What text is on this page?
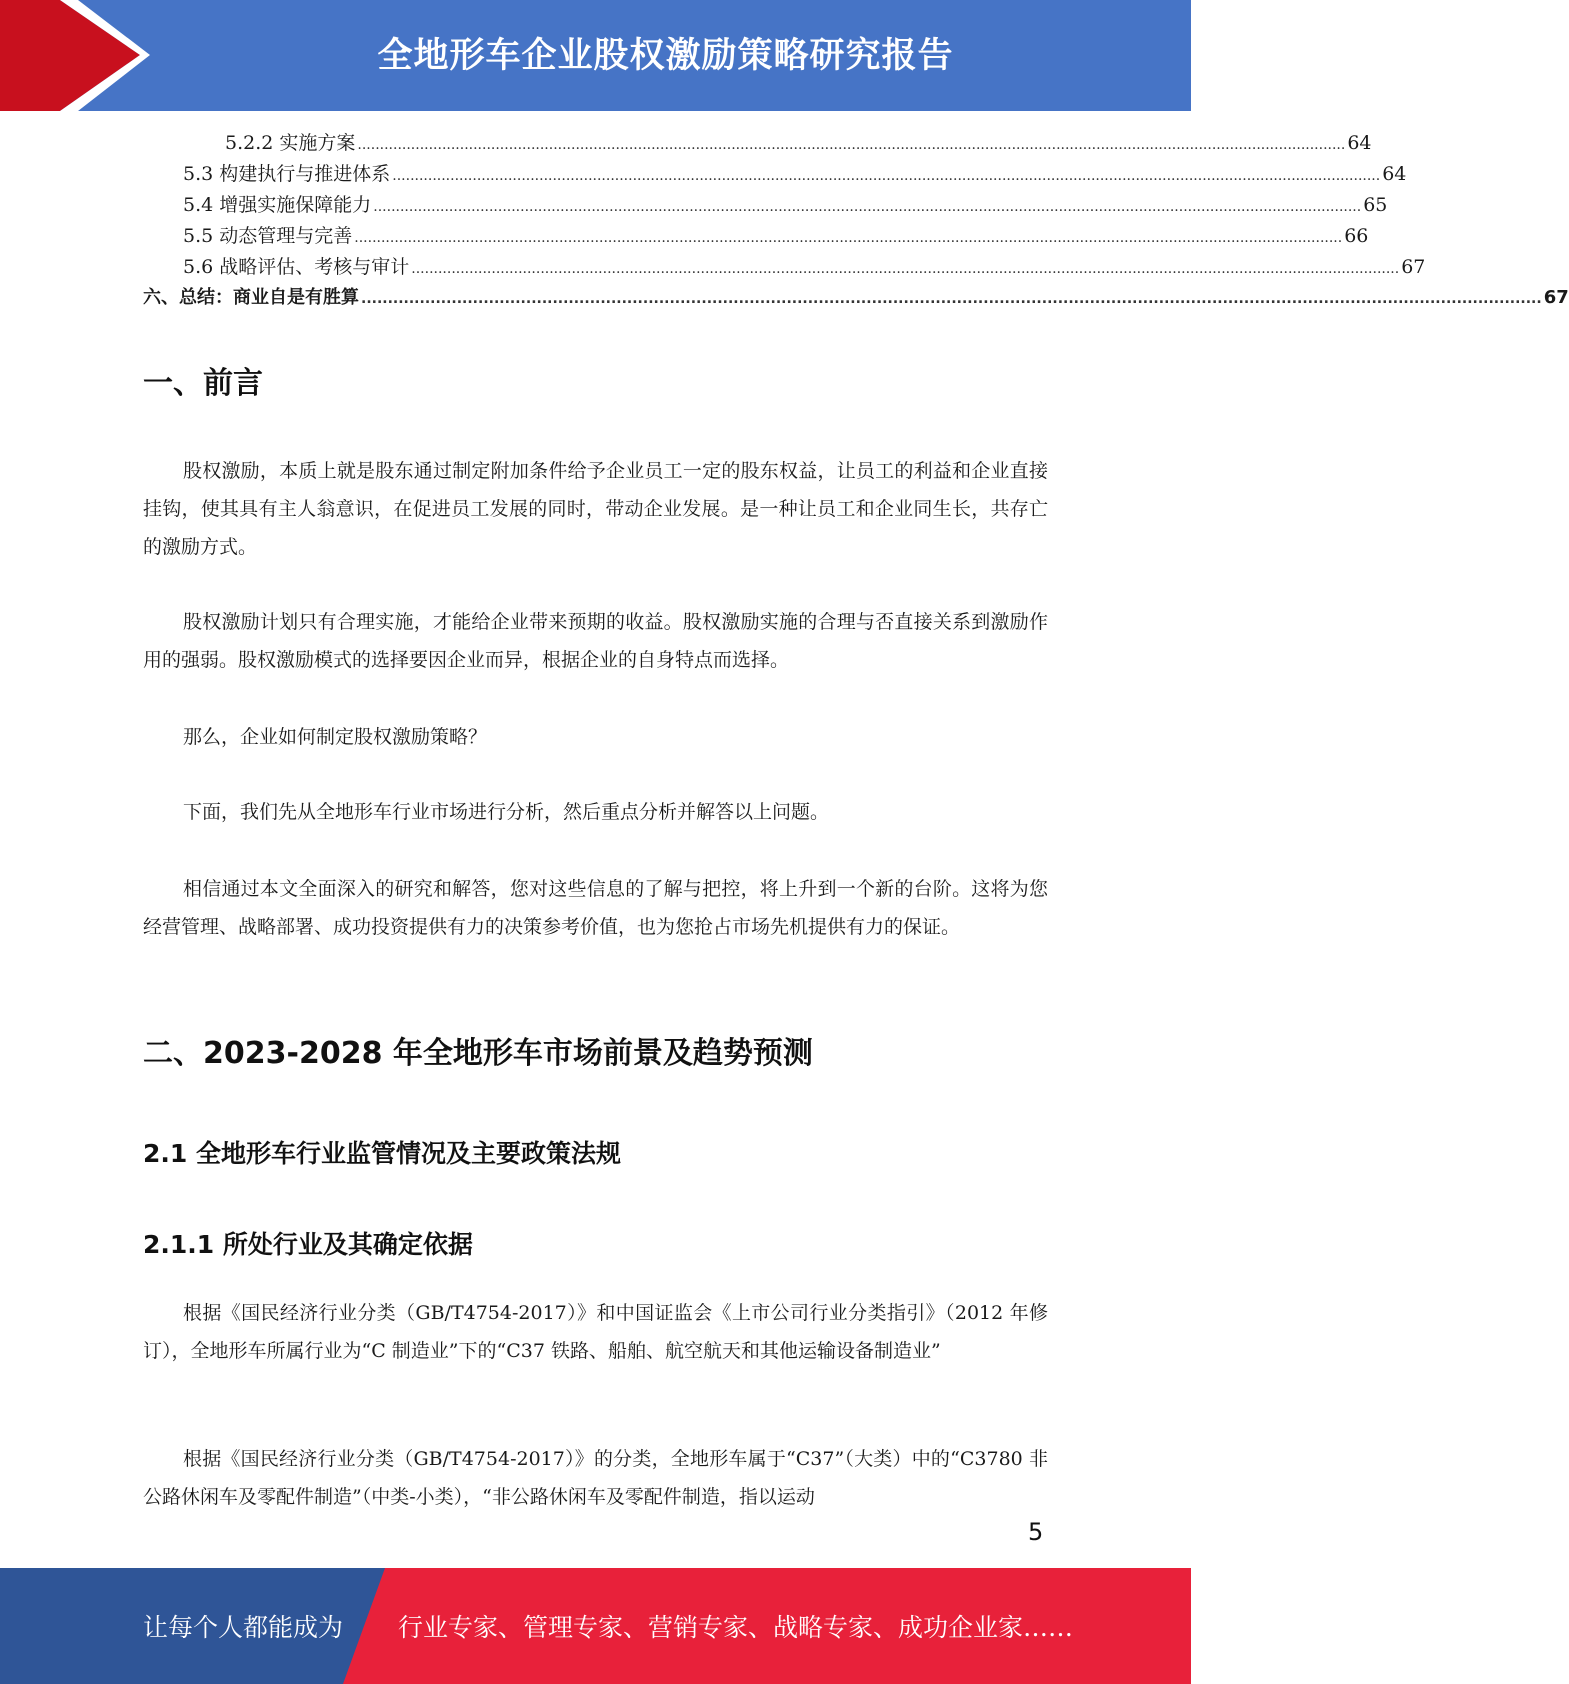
全地形车企业股权激励策略研究报告
5.2.2 实施方案 .............................................................................................................................................................................................................................. 64
5.3 构建执行与推进体系 .............................................................................................................................................................................................................................. 64
5.4 增强实施保障能力 .............................................................................................................................................................................................................................. 65
5.5 动态管理与完善 .............................................................................................................................................................................................................................. 66
5.6 战略评估、考核与审计 .............................................................................................................................................................................................................................. 67
六、总结：商业自是有胜算 .............................................................................................................................................................................................................................. 67
一、前言

股权激励，本质上就是股东通过制定附加条件给予企业员工一定的股东权益，让员工的利益和企业直接挂钩，使其具有主人翁意识，在促进员工发展的同时，带动企业发展。是一种让员工和企业同生长，共存亡的激励方式。

股权激励计划只有合理实施，才能给企业带来预期的收益。股权激励实施的合理与否直接关系到激励作用的强弱。股权激励模式的选择要因企业而异，根据企业的自身特点而选择。

那么，企业如何制定股权激励策略？

下面，我们先从全地形车行业市场进行分析，然后重点分析并解答以上问题。

相信通过本文全面深入的研究和解答，您对这些信息的了解与把控，将上升到一个新的台阶。这将为您经营管理、战略部署、成功投资提供有力的决策参考价值，也为您抢占市场先机提供有力的保证。

二、2023-2028 年全地形车市场前景及趋势预测
2.1 全地形车行业监管情况及主要政策法规
2.1.1 所处行业及其确定依据

根据《国民经济行业分类（GB/T4754-2017）》和中国证监会《上市公司行业分类指引》（2012 年修订），全地形车所属行业为“C 制造业”下的“C37 铁路、船舶、航空航天和其他运输设备制造业”

根据《国民经济行业分类（GB/T4754-2017）》的分类，全地形车属于“C37”（大类）中的“C3780 非公路休闲车及零配件制造”（中类-小类），“非公路休闲车及零配件制造，指以运动

5
让每个人都能成为 行业专家、管理专家、营销专家、战略专家、成功企业家……
